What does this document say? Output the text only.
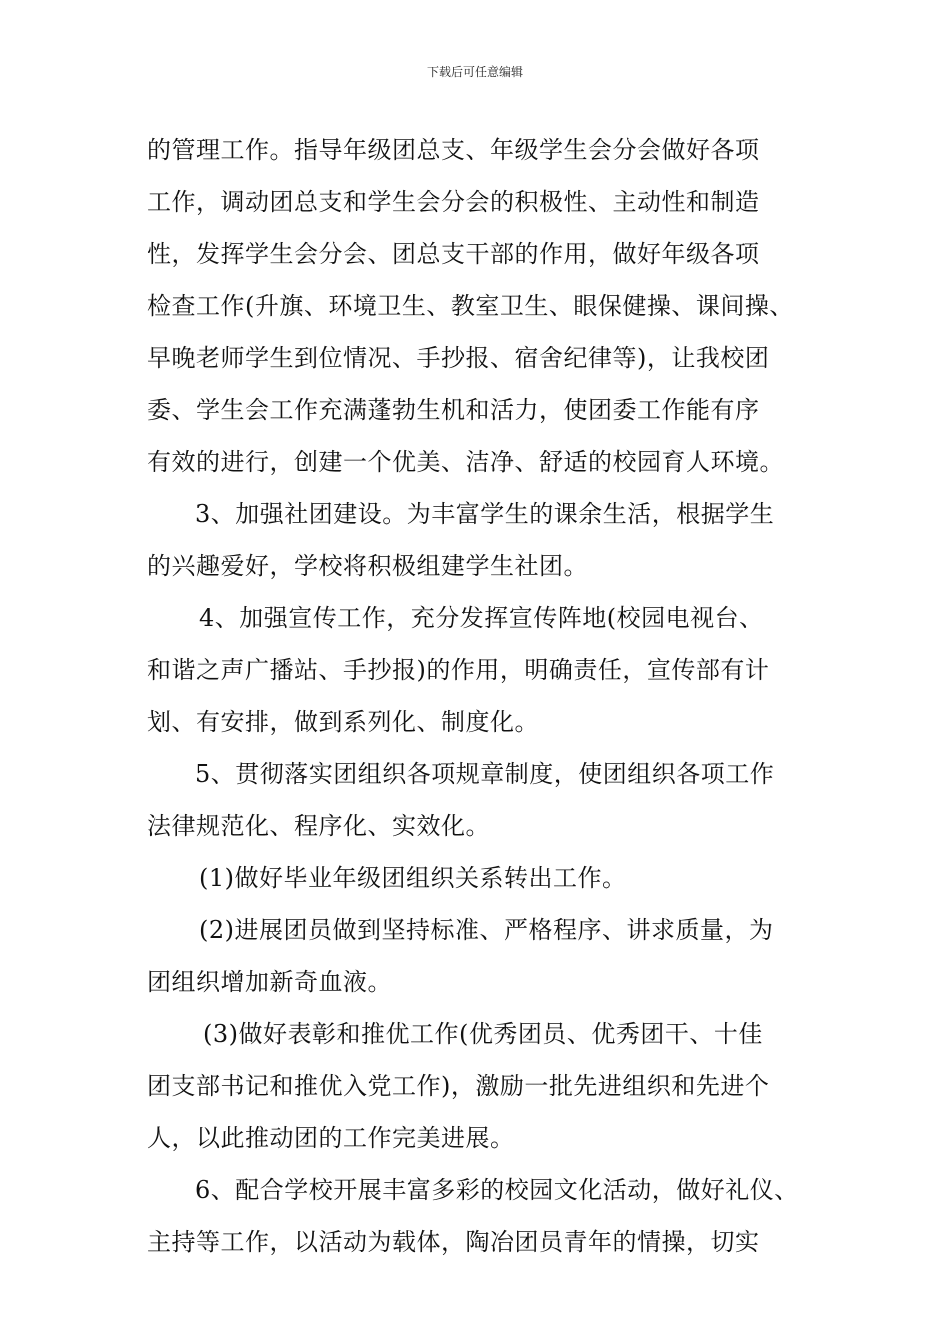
下载后可任意编辑
的管理工作。指导年级团总支、年级学生会分会做好各项
工作，调动团总支和学生会分会的积极性、主动性和制造
性，发挥学生会分会、团总支干部的作用，做好年级各项
检查工作(升旗、环境卫生、教室卫生、眼保健操、课间操、
早晚老师学生到位情况、手抄报、宿舍纪律等)，让我校团
委、学生会工作充满蓬勃生机和活力，使团委工作能有序
有效的进行，创建一个优美、洁净、舒适的校园育人环境。
3、加强社团建设。为丰富学生的课余生活，根据学生
的兴趣爱好，学校将积极组建学生社团。
4、加强宣传工作，充分发挥宣传阵地(校园电视台、
和谐之声广播站、手抄报)的作用，明确责任，宣传部有计
划、有安排，做到系列化、制度化。
5、贯彻落实团组织各项规章制度，使团组织各项工作
法律规范化、程序化、实效化。
(1)做好毕业年级团组织关系转出工作。
(2)进展团员做到坚持标准、严格程序、讲求质量，为
团组织增加新奇血液。
(3)做好表彰和推优工作(优秀团员、优秀团干、十佳
团支部书记和推优入党工作)，激励一批先进组织和先进个
人，以此推动团的工作完美进展。
6、配合学校开展丰富多彩的校园文化活动，做好礼仪、
主持等工作，以活动为载体，陶冶团员青年的情操，切实
